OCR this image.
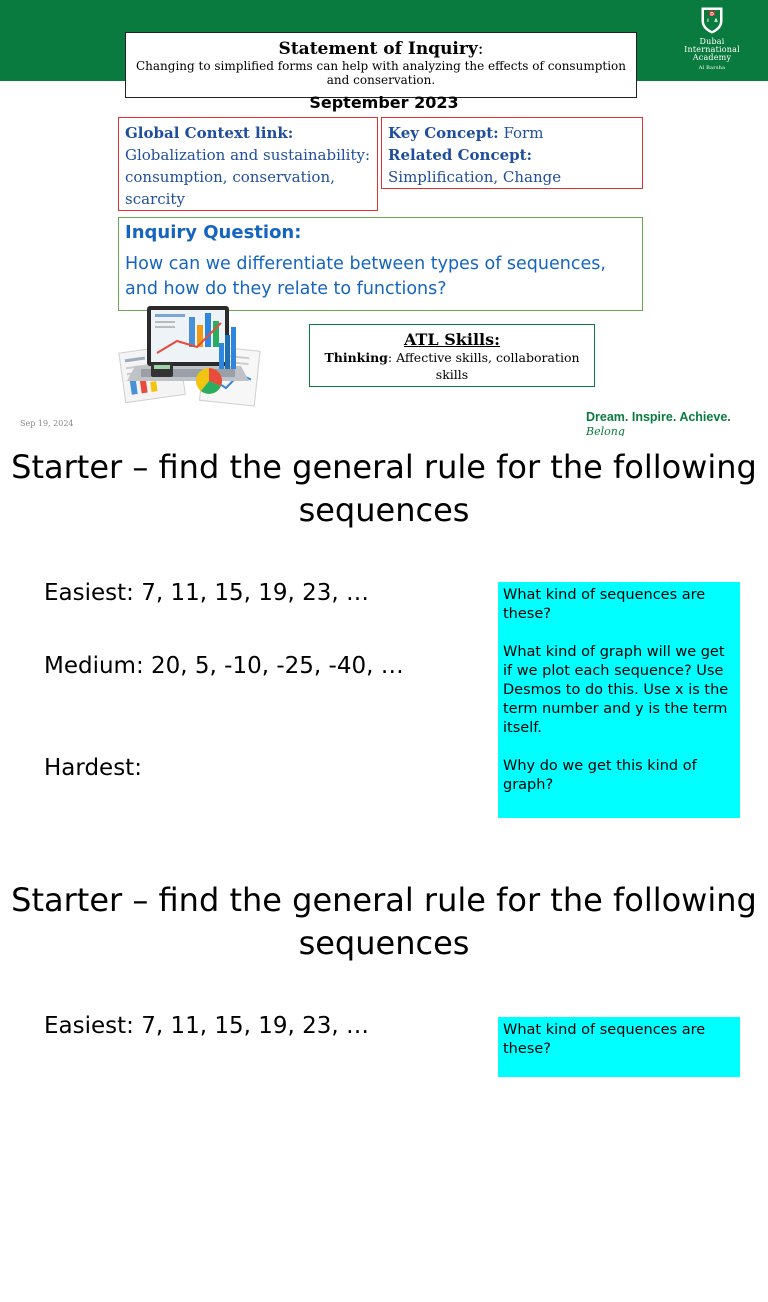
D
I A
Dubai
International
Academy
Al Barsha
Statement of Inquiry:
Changing to simplified forms can help with analyzing the effects of consumption and conservation.
September 2023
Global Context link:
Globalization and sustainability: consumption, conservation, scarcity
Key Concept: Form
Related Concept:
Simplification, Change
Inquiry Question:
How can we differentiate between types of sequences, and how do they relate to functions?
ATL Skills:
Thinking: Affective skills, collaboration skills
Sep 19, 2024	Dream. Inspire. Achieve. Belong
Starter – find the general rule for the following sequences
Easiest: 7, 11, 15, 19, 23, …
Medium: 20, 5, -10, -25, -40, …
Hardest:

What kind of sequences are these?

What kind of graph will we get if we plot each sequence? Use Desmos to do this. Use x is the term number and y is the term itself.

Why do we get this kind of graph?

Starter – find the general rule for the following sequences
Easiest: 7, 11, 15, 19, 23, …	What kind of sequences are these?
